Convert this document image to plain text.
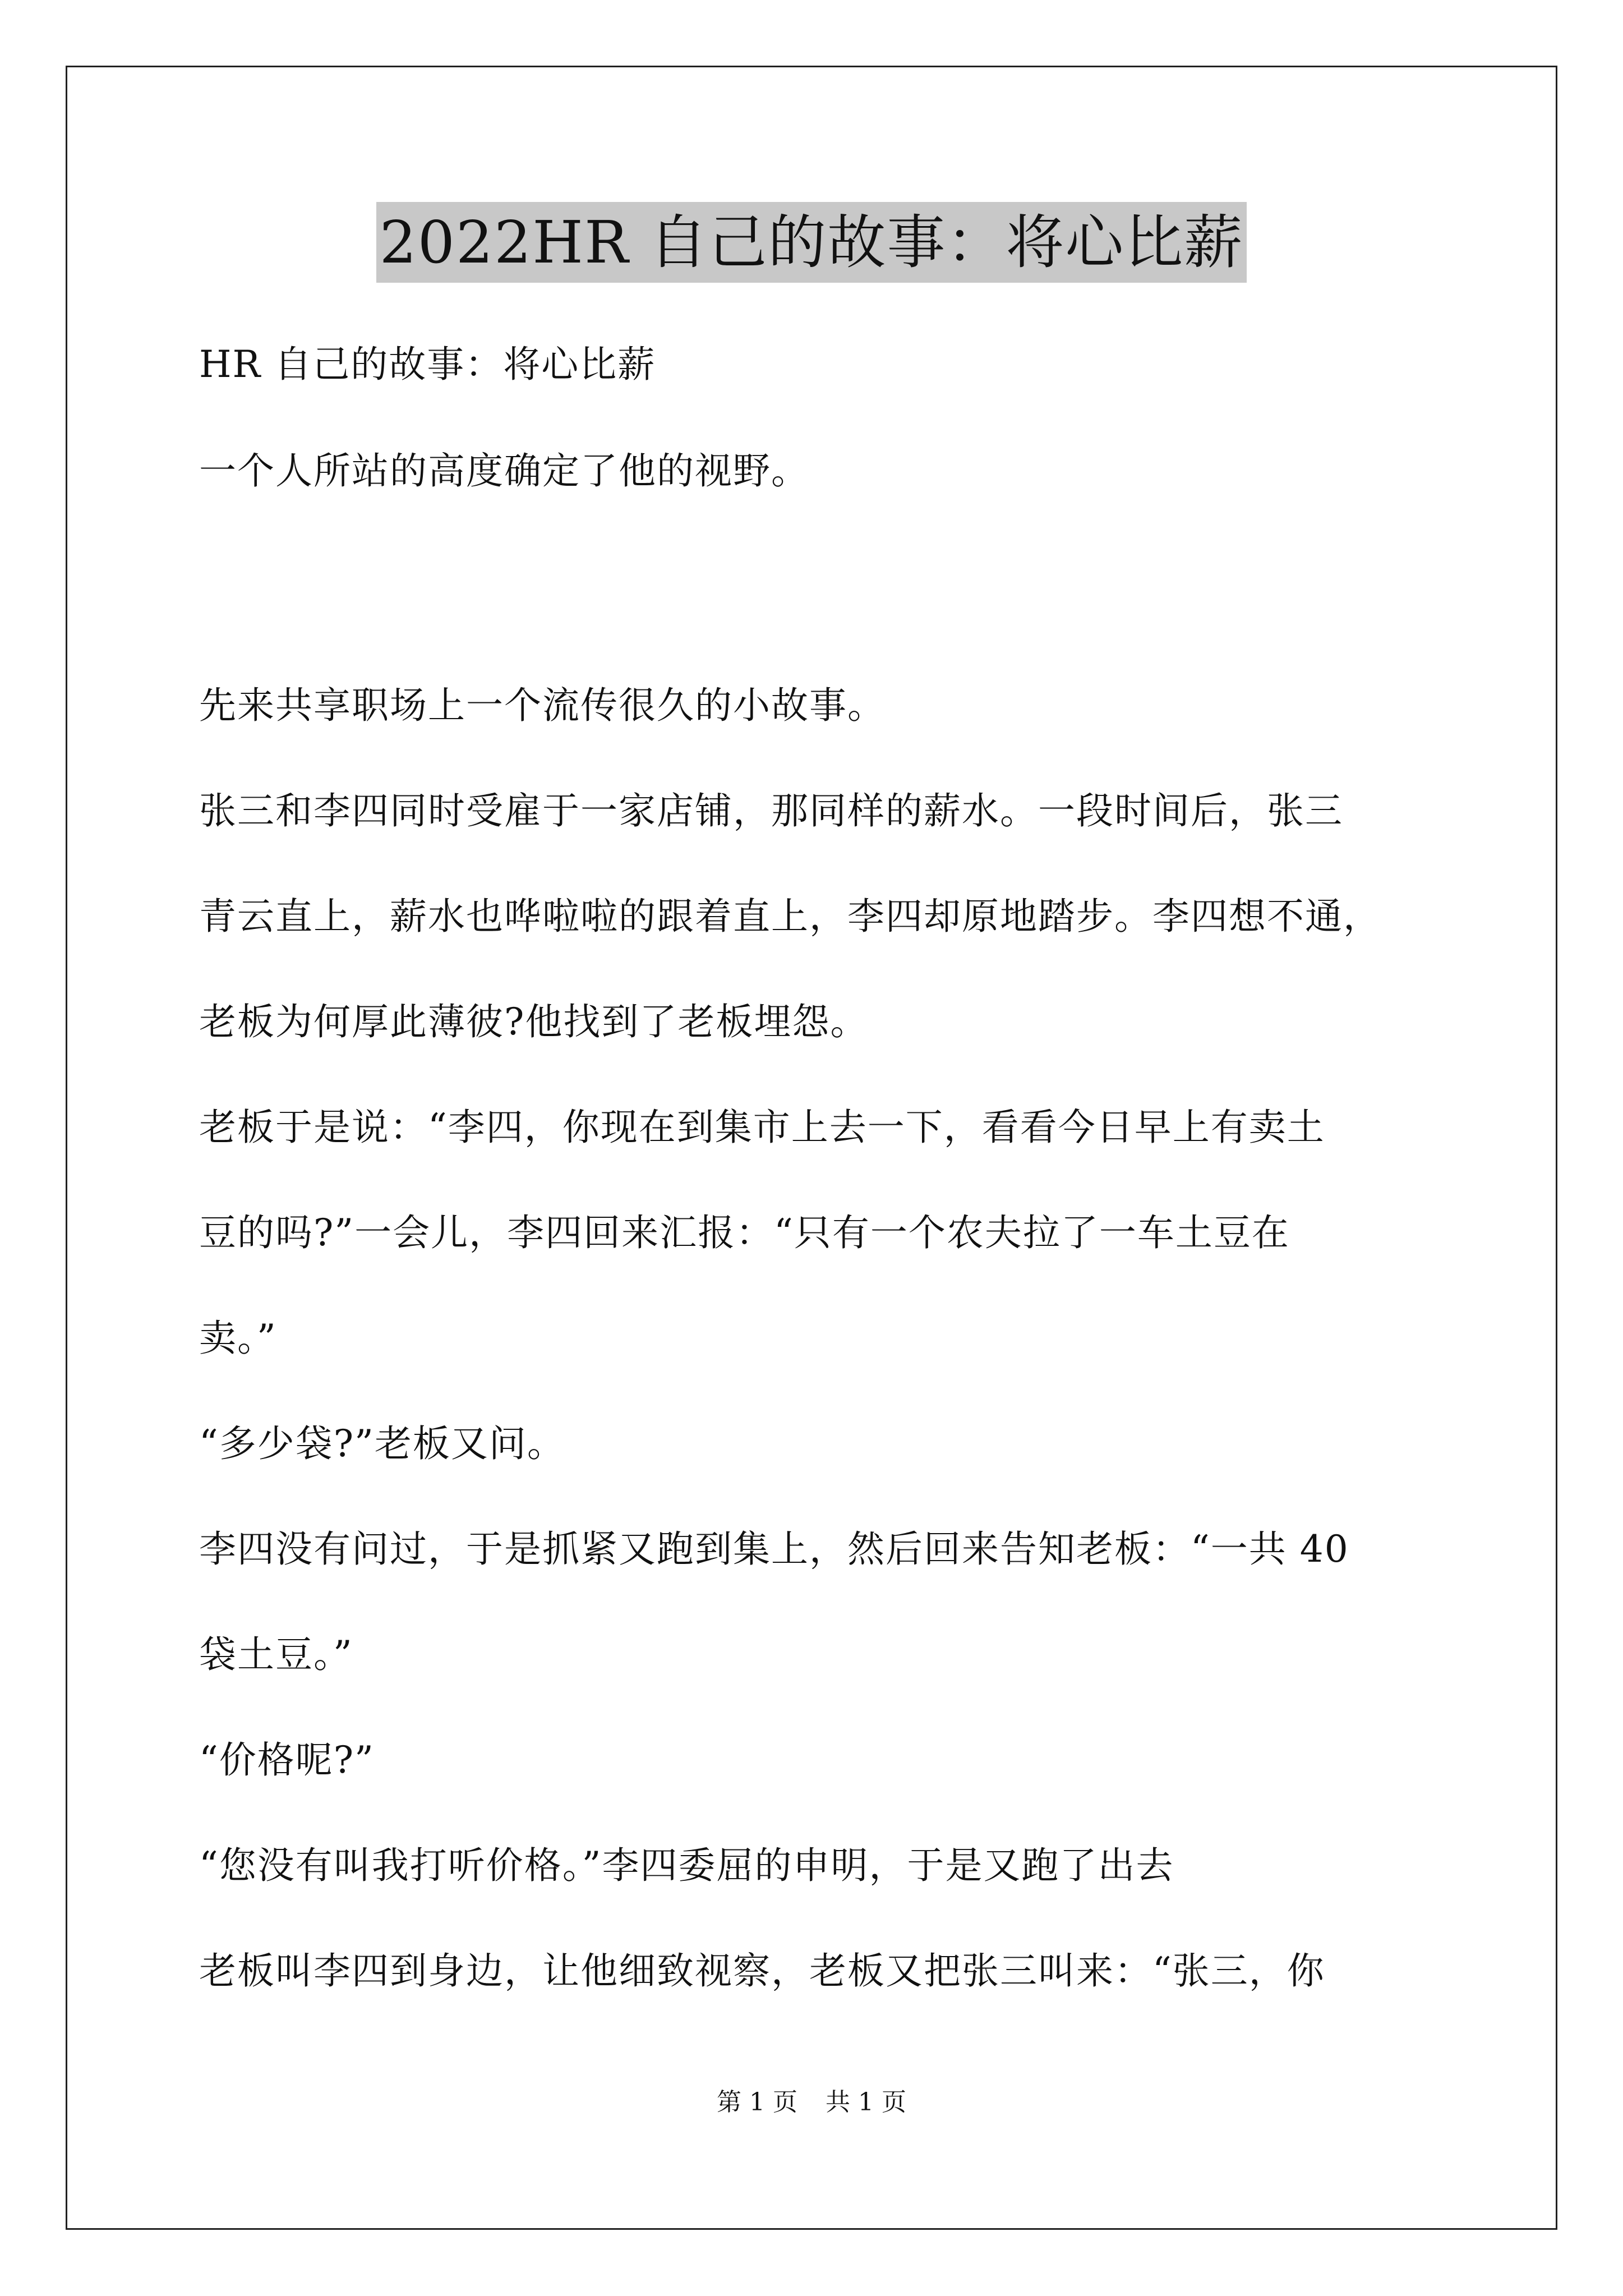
2022HR 自己的故事：将心比薪
HR 自己的故事：将心比薪
一个人所站的高度确定了他的视野。
先来共享职场上一个流传很久的小故事。
张三和李四同时受雇于一家店铺，那同样的薪水。一段时间后，张三
青云直上，薪水也哗啦啦的跟着直上，李四却原地踏步。李四想不通，
老板为何厚此薄彼?他找到了老板埋怨。
老板于是说：“李四，你现在到集市上去一下，看看今日早上有卖土
豆的吗?”一会儿，李四回来汇报：“只有一个农夫拉了一车土豆在
卖。”
“多少袋?”老板又问。
李四没有问过，于是抓紧又跑到集上，然后回来告知老板：“一共 40
袋土豆。”
“价格呢?”
“您没有叫我打听价格。”李四委屈的申明，于是又跑了出去
老板叫李四到身边，让他细致视察，老板又把张三叫来：“张三，你
第 1 页 共 1 页
